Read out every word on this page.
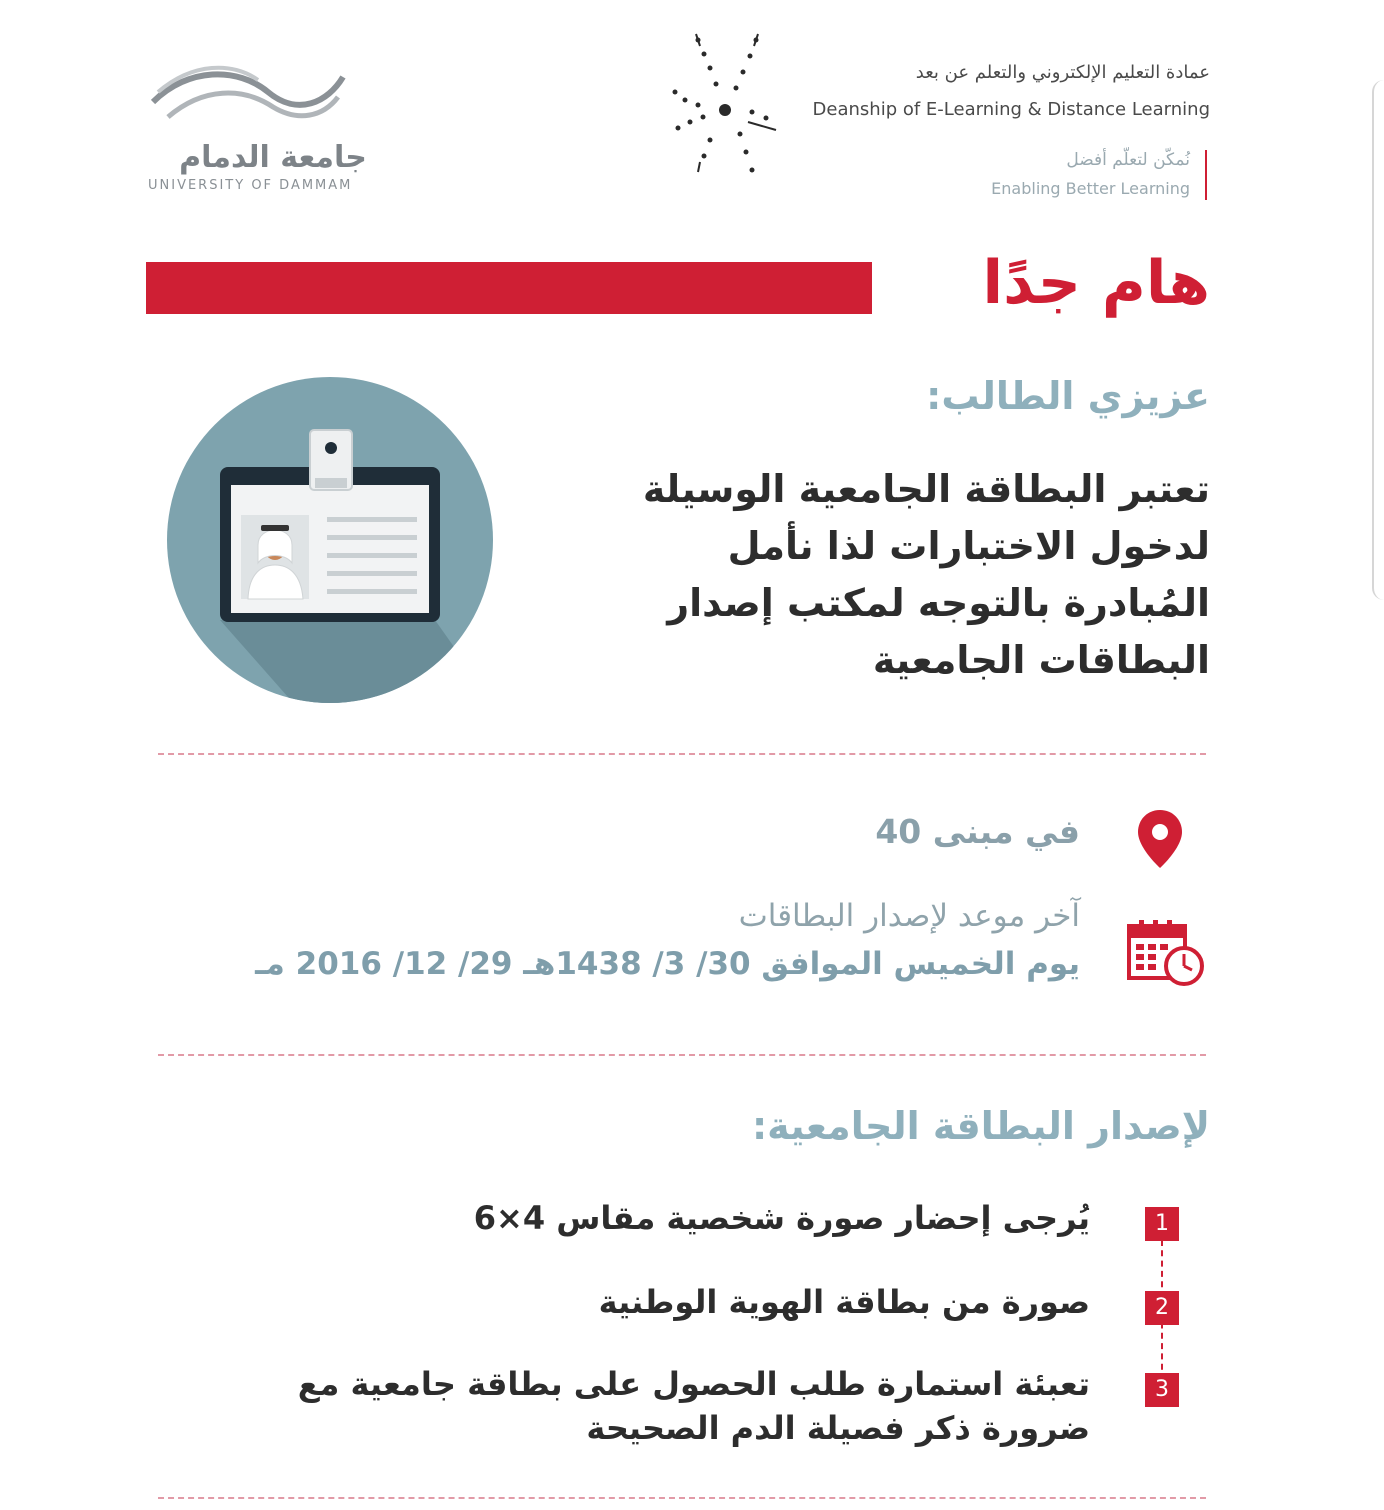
جامعة الدمام
UNIVERSITY OF DAMMAM
عمادة التعليم الإلكتروني والتعلم عن بعد
Deanship of E-Learning & Distance Learning
نُمكّن لتعلّم أفضل
Enabling Better Learning
هام جدًا
عزيزي الطالب:
تعتبر البطاقة الجامعية الوسيلة
لدخول الاختبارات لذا نأمل
المُبادرة بالتوجه لمكتب إصدار
البطاقات الجامعية
في مبنى 40
آخر موعد لإصدار البطاقات
يوم الخميس الموافق 30/ 3/ 1438هـ 29/ 12/ 2016 مـ
لإصدار البطاقة الجامعية:
1
يُرجى إحضار صورة شخصية مقاس 4×6
2
صورة من بطاقة الهوية الوطنية
3
تعبئة استمارة طلب الحصول على بطاقة جامعية مع
ضرورة ذكر فصيلة الدم الصحيحة
